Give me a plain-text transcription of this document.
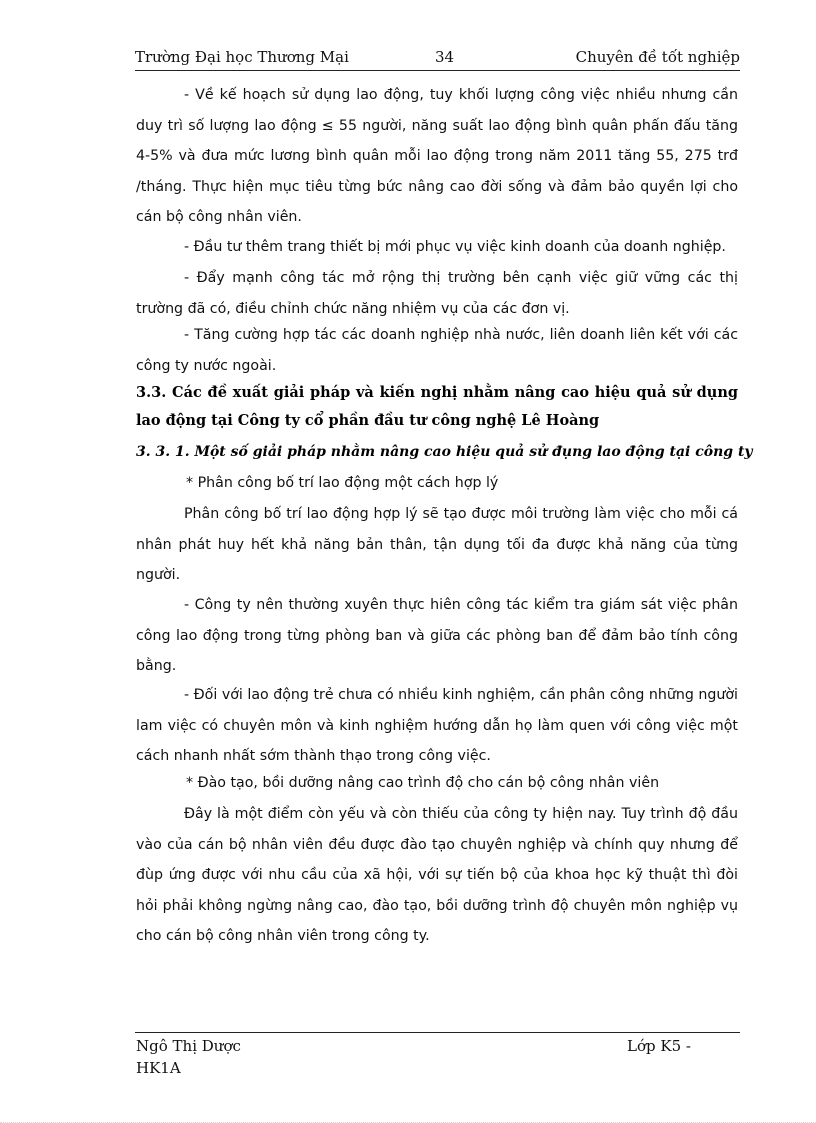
Trường Đại học Thương Mại	34	Chuyên đề tốt nghiệp
- Về kế hoạch sử dụng lao động, tuy khối lượng công việc nhiều nhưng cần duy trì số lượng lao động ≤ 55 người, năng suất lao động bình quân phấn đấu tăng 4-5% và đưa mức lương bình quân mỗi lao động trong năm 2011 tăng 55, 275 trđ /tháng. Thực hiện mục tiêu từng bức nâng cao đời sống và đảm bảo quyền lợi cho cán bộ công nhân viên.
- Đầu tư thêm trang thiết bị mới phục vụ việc kinh doanh của doanh nghiệp.
- Đẩy mạnh công tác mở rộng thị trường bên cạnh việc giữ vững các thị trường đã có, điều chỉnh chức năng nhiệm vụ của các đơn vị.
- Tăng cường hợp tác các doanh nghiệp nhà nước, liên doanh liên kết với các công ty nước ngoài.
3.3. Các đề xuất giải pháp và kiến nghị nhằm nâng cao hiệu quả sử dụng lao động tại Công ty cổ phần đầu tư công nghệ Lê Hoàng
3. 3. 1. Một số giải pháp nhằm nâng cao hiệu quả sử đụng lao động tại công ty
* Phân công bố trí lao động một cách hợp lý
Phân công bố trí lao động hợp lý sẽ tạo được môi trường làm việc cho mỗi cá nhân phát huy hết khả năng bản thân, tận dụng tối đa được khả năng của từng người.
- Công ty nên thường xuyên thực hiên công tác kiểm tra giám sát việc phân công lao động trong từng phòng ban và giữa các phòng ban để đảm bảo tính công bằng.
- Đối với lao động trẻ chưa có nhiều kinh nghiệm, cần phân công những người lam việc có chuyên môn và kinh nghiệm hướng dẫn họ làm quen với công việc một cách nhanh nhất sớm thành thạo trong công việc.
* Đào tạo, bồi dưỡng nâng cao trình độ cho cán bộ công nhân viên
Đây là một điểm còn yếu và còn thiếu của công ty hiện nay. Tuy trình độ đầu vào của cán bộ nhân viên đều được đào tạo chuyên nghiệp và chính quy nhưng để đùp ứng được với nhu cầu của xã hội, với sự tiến bộ của khoa học kỹ thuật thì đòi hỏi phải không ngừng nâng cao, đào tạo, bồi dưỡng trình độ chuyên môn nghiệp vụ cho cán bộ công nhân viên trong công ty.
Ngô Thị Dược	Lớp K5 -
HK1A
